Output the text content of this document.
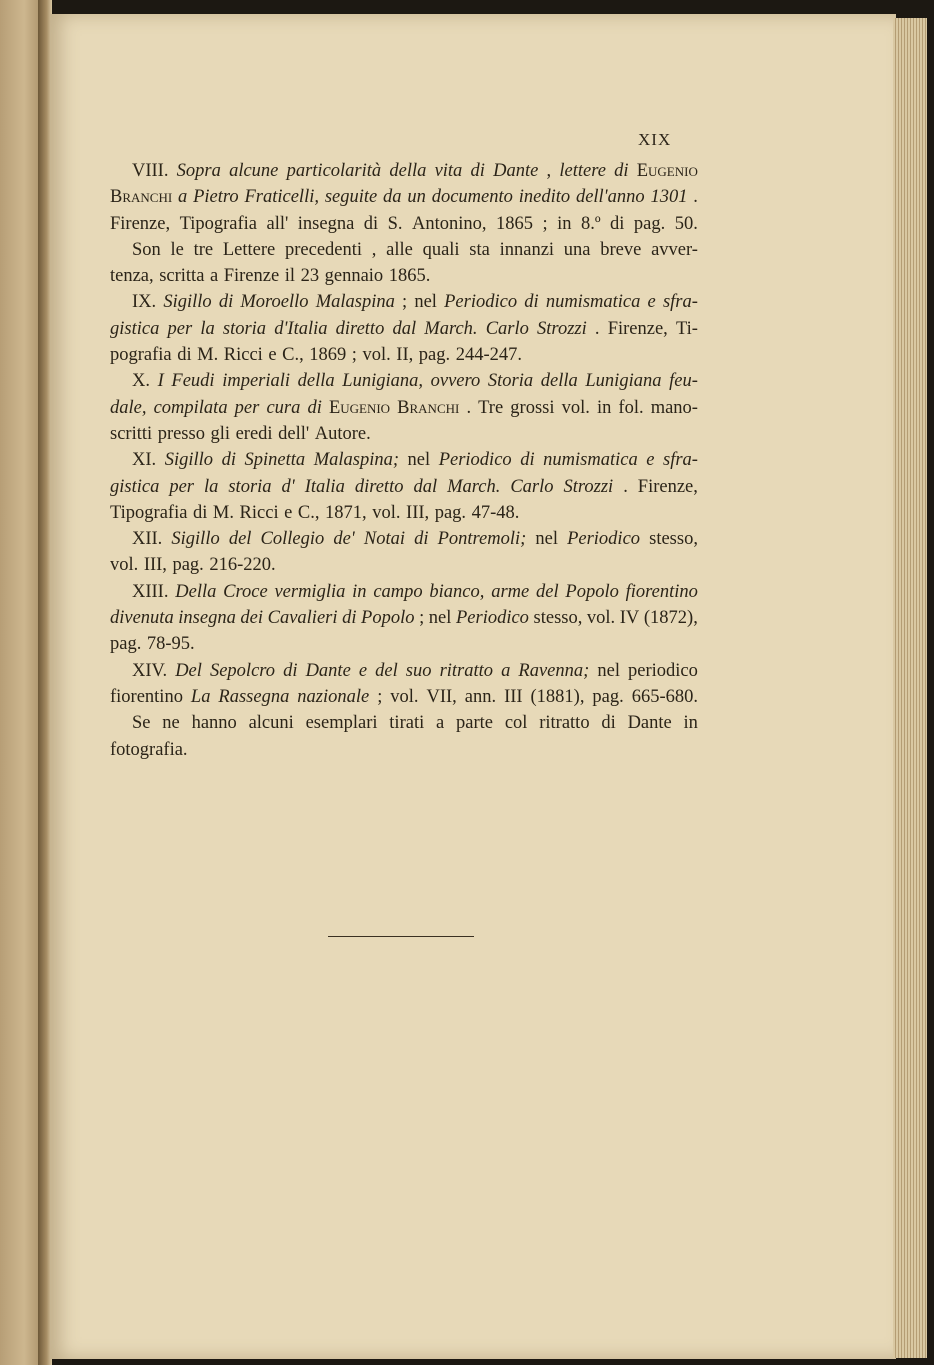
XIX
VIII. Sopra alcune particolarità della vita di Dante , lettere di Eugenio
Branchi a Pietro Fraticelli, seguite da un documento inedito dell'anno 1301 .
Firenze, Tipografia all' insegna di S. Antonino, 1865 ; in 8.º di pag. 50.
Son le tre Lettere precedenti , alle quali sta innanzi una breve avver-
tenza, scritta a Firenze il 23 gennaio 1865.
IX. Sigillo di Moroello Malaspina ; nel Periodico di numismatica e sfra-
gistica per la storia d'Italia diretto dal March. Carlo Strozzi . Firenze, Ti-
pografia di M. Ricci e C., 1869 ; vol. II, pag. 244-247.
X. I Feudi imperiali della Lunigiana, ovvero Storia della Lunigiana feu-
dale, compilata per cura di Eugenio Branchi . Tre grossi vol. in fol. mano-
scritti presso gli eredi dell' Autore.
XI. Sigillo di Spinetta Malaspina; nel Periodico di numismatica e sfra-
gistica per la storia d' Italia diretto dal March. Carlo Strozzi . Firenze,
Tipografia di M. Ricci e C., 1871, vol. III, pag. 47-48.
XII. Sigillo del Collegio de' Notai di Pontremoli; nel Periodico stesso,
vol. III, pag. 216-220.
XIII. Della Croce vermiglia in campo bianco, arme del Popolo fiorentino
divenuta insegna dei Cavalieri di Popolo ; nel Periodico stesso, vol. IV (1872),
pag. 78-95.
XIV. Del Sepolcro di Dante e del suo ritratto a Ravenna; nel periodico
fiorentino La Rassegna nazionale ; vol. VII, ann. III (1881), pag. 665-680.
Se ne hanno alcuni esemplari tirati a parte col ritratto di Dante in
fotografia.
